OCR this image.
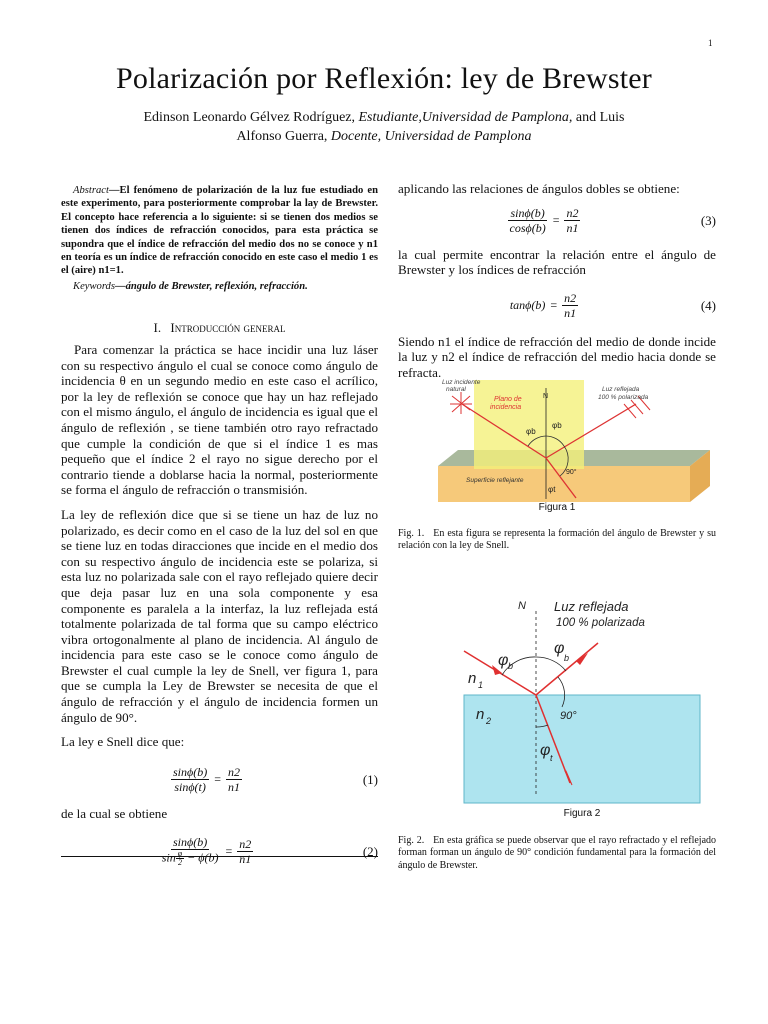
1
Polarización por Reflexión: ley de Brewster
Edinson Leonardo Gélvez Rodríguez, Estudiante,Universidad de Pamplona, and Luis
Alfonso Guerra, Docente, Universidad de Pamplona
Abstract—El fenómeno de polarización de la luz fue estudiado en este experimento, para posteriormente comprobar la lay de Brewster. El concepto hace referencia a lo siguiente: si se tienen dos medios se tienen dos índices de refracción conocidos, para esta práctica se supondra que el índice de refracción del medio dos no se conoce y n1 en teoría es un índice de refracción conocido en este caso el medio 1 es el (aire) n1=1.
Keywords—ángulo de Brewster, reflexión, refracción.
I. Introducción general

Para comenzar la práctica se hace incidir una luz láser con su respectivo ángulo el cual se conoce como ángulo de incidencia θ en un segundo medio en este caso el acrílico, por la ley de reflexión se conoce que hay un haz reflejado con el mismo ángulo, el ángulo de incidencia es igual que el ángulo de reflexión , se tiene también otro rayo refractado que cumple la condición de que si el índice 1 es mas pequeño que el índice 2 el rayo no sigue derecho por el contrario tiende a doblarse hacia la normal, posteriormente se forma el ángulo de refracción o transmisión.

La ley de reflexión dice que si se tiene un haz de luz no polarizado, es decir como en el caso de la luz del sol en que se tiene luz en todas diracciones que incide en el medio dos con su respectivo ángulo de incidencia este se polariza, si esta luz no polarizada sale con el rayo reflejado quiere decir que deja pasar luz en una sola componente y esa componente es paralela a la interfaz, la luz reflejada está totalmente polarizada de tal forma que su campo eléctrico vibra ortogonalmente al plano de incidencia. Al ángulo de incidencia para este caso se le conoce como ángulo de Brewster el cual cumple la ley de Snell, ver figura 1, para que se cumpla la Ley de Brewster se necesita de que el ángulo de refracción y el ángulo de incidencia formen un ángulo de 90°.

La ley e Snell dice que:

$\frac{\sin\phi(b)}{\sin\phi(t)} = \frac{n2}{n1}$	(1)

de la cual se obtiene

$\frac{\sin\phi(b)}{\sin \frac{\varphi}{2} - \phi(b)} = \frac{n2}{n1}$	(2)

aplicando las relaciones de ángulos dobles se obtiene:

$\frac{\sin\phi(b)}{\cos\phi(b)} = \frac{n2}{n1}$	(3)

la cual permite encontrar la relación entre el ángulo de Brewster y los índices de refracción

$\tan\phi(b) = \frac{n2}{n1}$	(4)

Siendo n1 el índice de refracción del medio de donde incide la luz y n2 el índice de refracción del medio hacia donde se refracta.

Luz incidente
natural
Plano de
incidencia
Luz reflejada
100 % polarizada
N
φb
φb
Superficie reflejante
90°
φt
Figura 1
Fig. 1. En esta figura se representa la formación del ángulo de Brewster y su relación con la ley de Snell.
N Luz reflejada
100 % polarizada
φ b
φ
b
n 1
n 2	90°
φ t
Figura 2
Fig. 2. En esta gráfica se puede observar que el rayo refractado y el reflejado forman forman un ángulo de 90° condición fundamental para la formación del ángulo de Brewster.
